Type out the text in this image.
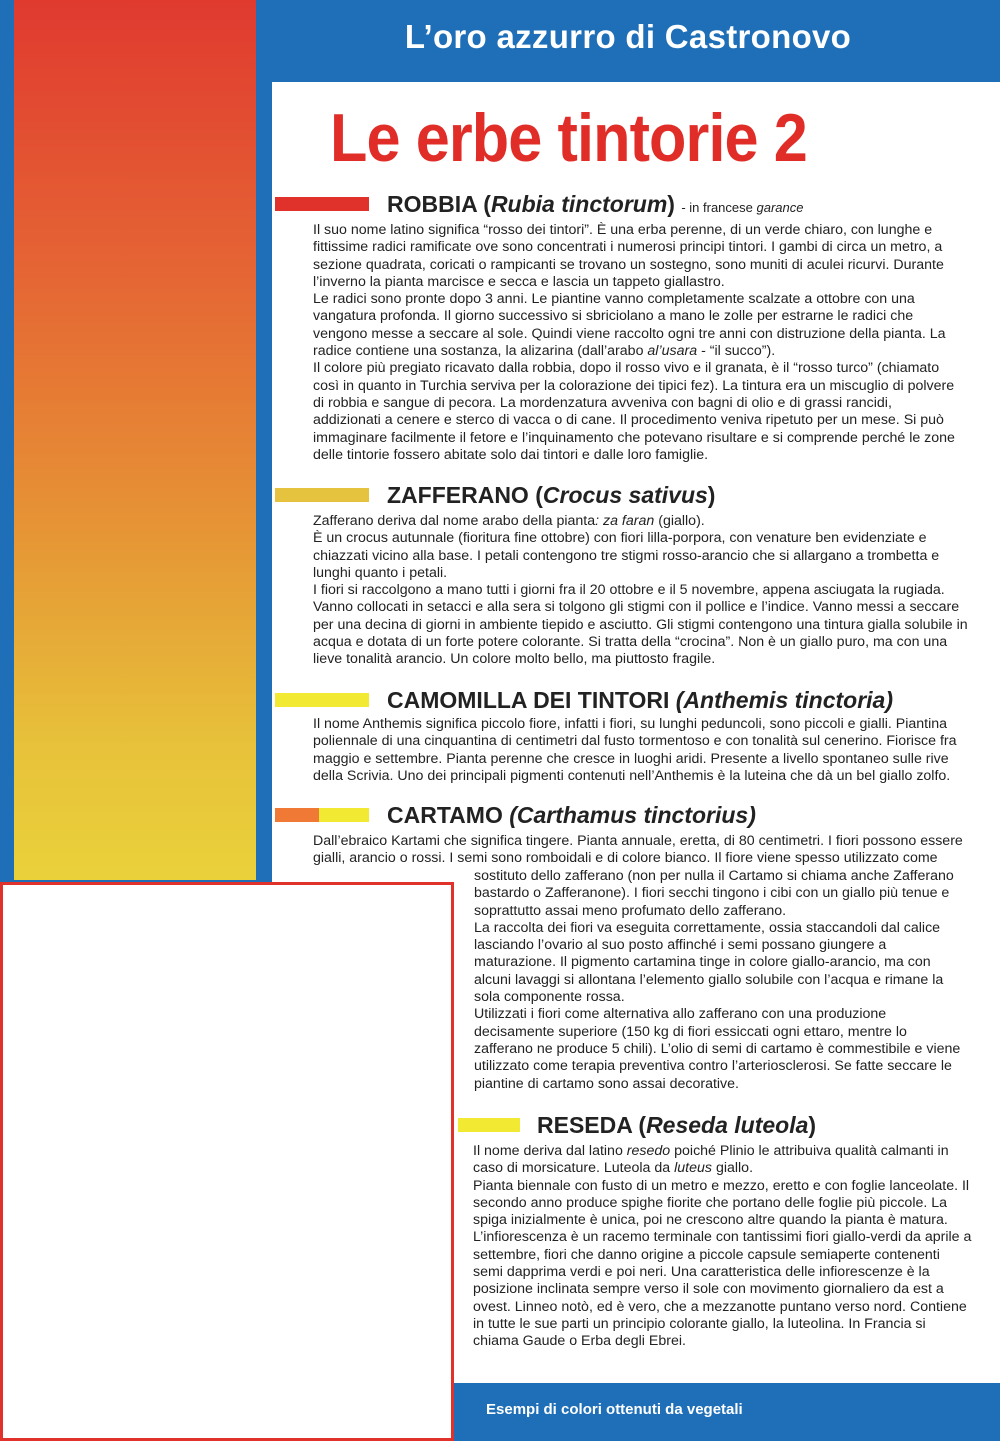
L’oro azzurro di Castronovo
Le erbe tintorie 2
ROBBIA (Rubia tinctorum) - in francese garance
Il suo nome latino significa “rosso dei tintori”. È una erba perenne, di un verde chiaro, con lunghe e fittissime radici ramificate ove sono concentrati i numerosi principi tintori. I gambi di circa un metro, a sezione quadrata, coricati o rampicanti se trovano un sostegno, sono muniti di aculei ricurvi. Durante l’inverno la pianta marcisce e secca e lascia un tappeto giallastro.
Le radici sono pronte dopo 3 anni. Le piantine vanno completamente scalzate a ottobre con una vangatura profonda. Il giorno successivo si sbriciolano a mano le zolle per estrarne le radici che vengono messe a seccare al sole. Quindi viene raccolto ogni tre anni con distruzione della pianta. La radice contiene una sostanza, la alizarina (dall’arabo al’usara - “il succo”).
Il colore più pregiato ricavato dalla robbia, dopo il rosso vivo e il granata, è il “rosso turco” (chiamato così in quanto in Turchia serviva per la colorazione dei tipici fez). La tintura era un miscuglio di polvere di robbia e sangue di pecora. La mordenzatura avveniva con bagni di olio e di grassi rancidi, addizionati a cenere e sterco di vacca o di cane. Il procedimento veniva ripetuto per un mese. Si può immaginare facilmente il fetore e l’inquinamento che potevano risultare e si comprende perché le zone delle tintorie fossero abitate solo dai tintori e dalle loro famiglie.
ZAFFERANO (Crocus sativus)
Zafferano deriva dal nome arabo della pianta: za faran (giallo).
È un crocus autunnale (fioritura fine ottobre) con fiori lilla-porpora, con venature ben evidenziate e chiazzati vicino alla base. I petali contengono tre stigmi rosso-arancio che si allargano a trombetta e lunghi quanto i petali.
I fiori si raccolgono a mano tutti i giorni fra il 20 ottobre e il 5 novembre, appena asciugata la rugiada. Vanno collocati in setacci e alla sera si tolgono gli stigmi con il pollice e l’indice. Vanno messi a seccare per una decina di giorni in ambiente tiepido e asciutto. Gli stigmi contengono una tintura gialla solubile in acqua e dotata di un forte potere colorante. Si tratta della “crocina”. Non è un giallo puro, ma con una lieve tonalità arancio. Un colore molto bello, ma piuttosto fragile.
CAMOMILLA DEI TINTORI (Anthemis tinctoria)
Il nome Anthemis significa piccolo fiore, infatti i fiori, su lunghi peduncoli, sono piccoli e gialli. Piantina poliennale di una cinquantina di centimetri dal fusto tormentoso e con tonalità sul cenerino. Fiorisce fra maggio e settembre. Pianta perenne che cresce in luoghi aridi. Presente a livello spontaneo sulle rive della Scrivia. Uno dei principali pigmenti contenuti nell’Anthemis è la luteina che dà un bel giallo zolfo.
CARTAMO (Carthamus tinctorius)
Dall’ebraico Kartami che significa tingere. Pianta annuale, eretta, di 80 centimetri. I fiori possono essere
gialli, arancio o rossi. I semi sono romboidali e di colore bianco. Il fiore viene spesso utilizzato come
sostituto dello zafferano (non per nulla il Cartamo si chiama anche Zafferano
bastardo o Zafferanone). I fiori secchi tingono i cibi con un giallo più tenue e
soprattutto assai meno profumato dello zafferano.
La raccolta dei fiori va eseguita correttamente, ossia staccandoli dal calice
lasciando l’ovario al suo posto affinché i semi possano giungere a
maturazione. Il pigmento cartamina tinge in colore giallo-arancio, ma con
alcuni lavaggi si allontana l’elemento giallo solubile con l’acqua e rimane la
sola componente rossa.
Utilizzati i fiori come alternativa allo zafferano con una produzione
decisamente superiore (150 kg di fiori essiccati ogni ettaro, mentre lo
zafferano ne produce 5 chili). L’olio di semi di cartamo è commestibile e viene
utilizzato come terapia preventiva contro l’arteriosclerosi. Se fatte seccare le
piantine di cartamo sono assai decorative.
RESEDA (Reseda luteola)
Il nome deriva dal latino resedo poiché Plinio le attribuiva qualità calmanti in caso di morsicature. Luteola da luteus giallo.
Pianta biennale con fusto di un metro e mezzo, eretto e con foglie lanceolate. Il secondo anno produce spighe fiorite che portano delle foglie più piccole. La spiga inizialmente è unica, poi ne crescono altre quando la pianta è matura. L’infiorescenza è un racemo terminale con tantissimi fiori giallo-verdi da aprile a settembre, fiori che danno origine a piccole capsule semiaperte contenenti semi dapprima verdi e poi neri. Una caratteristica delle infiorescenze è la posizione inclinata sempre verso il sole con movimento giornaliero da est a ovest. Linneo notò, ed è vero, che a mezzanotte puntano verso nord. Contiene in tutte le sue parti un principio colorante giallo, la luteolina. In Francia si chiama Gaude o Erba degli Ebrei.
Esempi di colori ottenuti da vegetali
